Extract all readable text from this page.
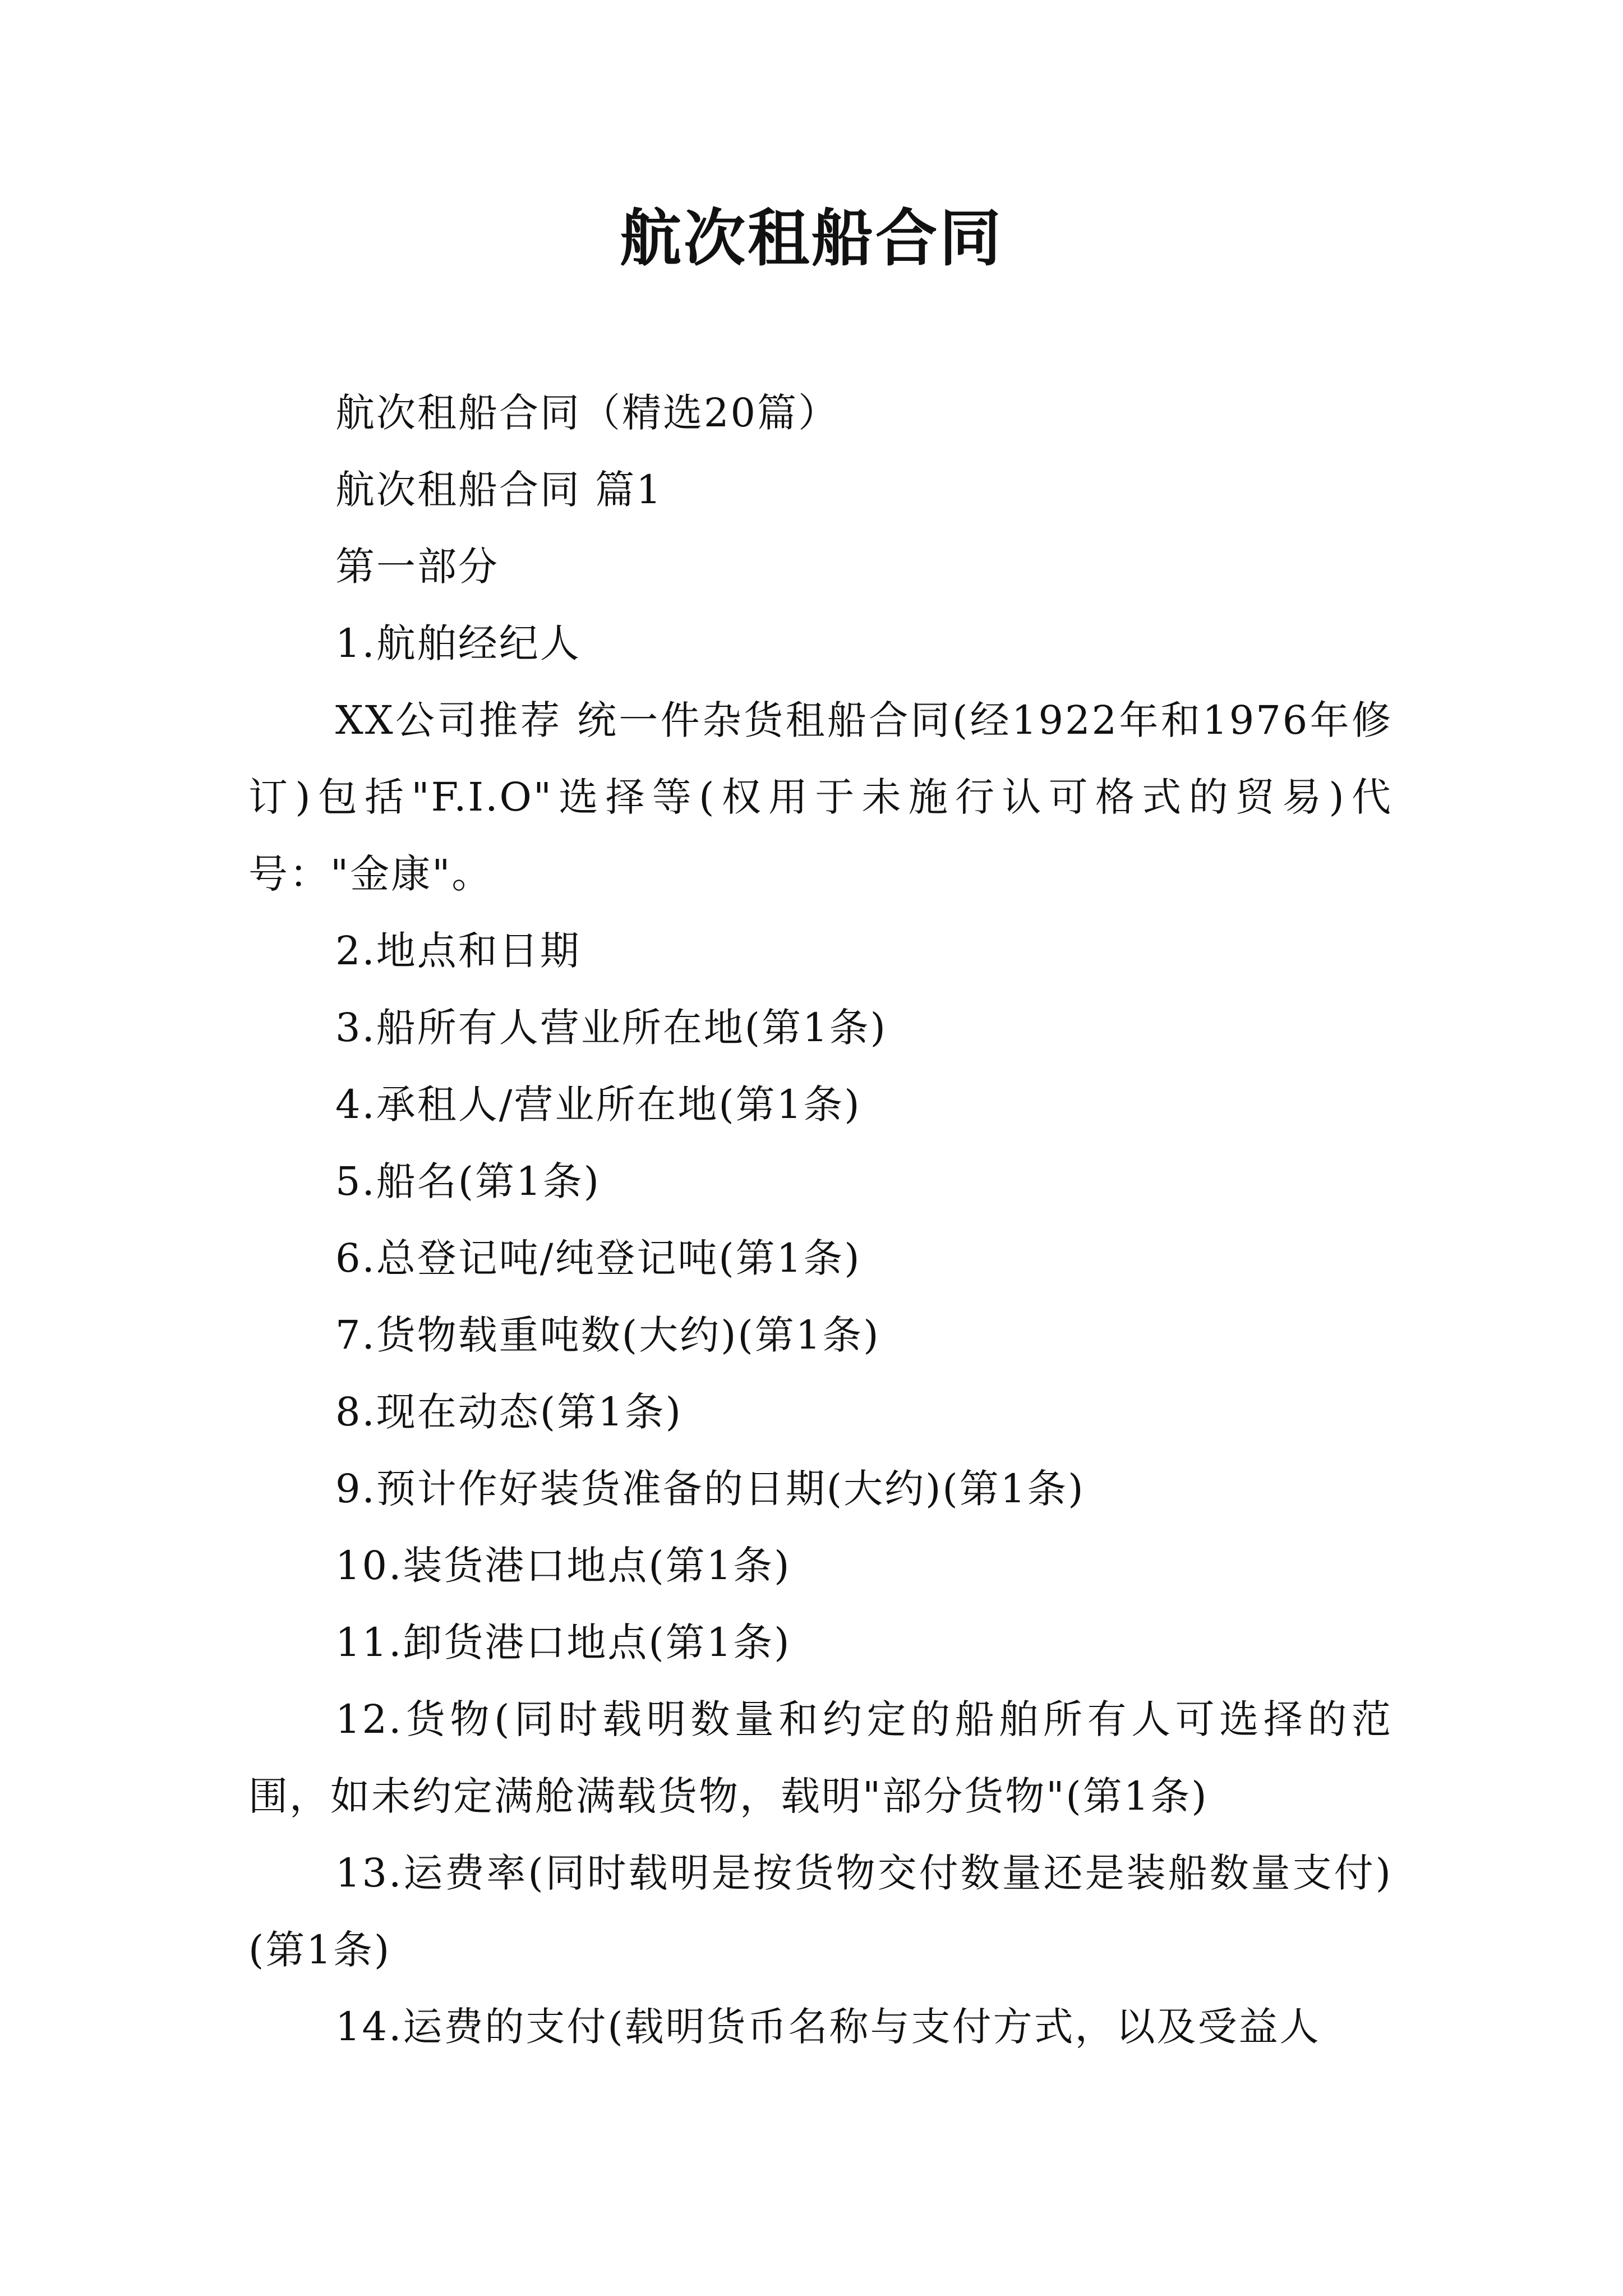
航次租船合同

航次租船合同（精选20篇）

航次租船合同 篇1

第一部分

1.航舶经纪人

XX公司推荐 统一件杂货租船合同(经1922年和1976年修订)包括"F.I.O"选择等(权用于未施行认可格式的贸易)代号："金康"。

2.地点和日期

3.船所有人营业所在地(第1条)

4.承租人/营业所在地(第1条)

5.船名(第1条)

6.总登记吨/纯登记吨(第1条)

7.货物载重吨数(大约)(第1条)

8.现在动态(第1条)

9.预计作好装货准备的日期(大约)(第1条)

10.装货港口地点(第1条)

11.卸货港口地点(第1条)

12.货物(同时载明数量和约定的船舶所有人可选择的范围，如未约定满舱满载货物，载明"部分货物"(第1条)

13.运费率(同时载明是按货物交付数量还是装船数量支付)(第1条)

14.运费的支付(载明货币名称与支付方式，以及受益人
